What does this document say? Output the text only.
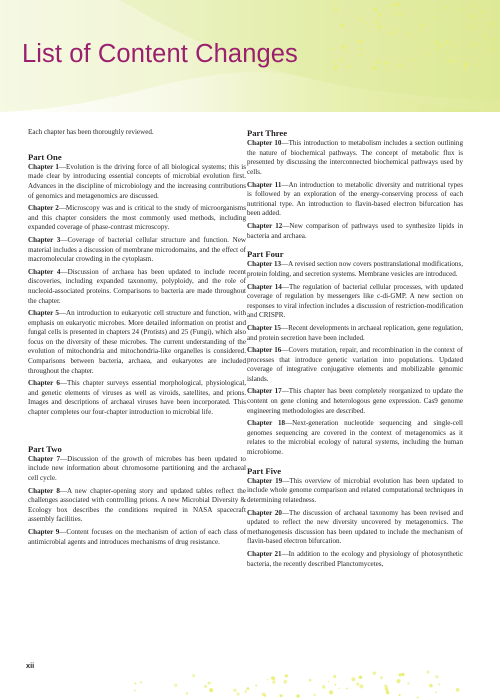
List of Content Changes

Each chapter has been thoroughly reviewed.

Part One

Chapter 1—Evolution is the driving force of all biological systems; this is made clear by introducing essential concepts of microbial evolution first. Advances in the discipline of microbiology and the increasing contributions of genomics and metagenomics are discussed.

Chapter 2—Microscopy was and is critical to the study of microorganisms and this chapter considers the most commonly used methods, including expanded coverage of phase-contrast microscopy.

Chapter 3—Coverage of bacterial cellular structure and function. New material includes a discussion of membrane microdomains, and the effect of macromolecular crowding in the cytoplasm.

Chapter 4—Discussion of archaea has been updated to include recent discoveries, including expanded taxonomy, polyploidy, and the role of nucleoid-associated proteins. Comparisons to bacteria are made throughout the chapter.

Chapter 5—An introduction to eukaryotic cell structure and function, with emphasis on eukaryotic microbes. More detailed information on protist and fungal cells is presented in chapters 24 (Protists) and 25 (Fungi), which also focus on the diversity of these microbes. The current understanding of the evolution of mitochondria and mitochondria-like organelles is considered. Comparisons between bacteria, archaea, and eukaryotes are included throughout the chapter.

Chapter 6—This chapter surveys essential morphological, physiological, and genetic elements of viruses as well as viroids, satellites, and prions. Images and descriptions of archaeal viruses have been incorporated. This chapter completes our four-chapter introduction to microbial life.

Part Two

Chapter 7—Discussion of the growth of microbes has been updated to include new information about chromosome partitioning and the archaeal cell cycle.

Chapter 8—A new chapter-opening story and updated tables reflect the challenges associated with controlling prions. A new Microbial Diversity & Ecology box describes the conditions required in NASA spacecraft assembly facilities.

Chapter 9—Content focuses on the mechanism of action of each class of antimicrobial agents and introduces mechanisms of drug resistance.

Part Three

Chapter 10—This introduction to metabolism includes a section outlining the nature of biochemical pathways. The concept of metabolic flux is presented by discussing the interconnected biochemical pathways used by cells.

Chapter 11—An introduction to metabolic diversity and nutritional types is followed by an exploration of the energy-conserving process of each nutritional type. An introduction to flavin-based electron bifurcation has been added.

Chapter 12—New comparison of pathways used to synthesize lipids in bacteria and archaea.

Part Four

Chapter 13—A revised section now covers posttranslational modifications, protein folding, and secretion systems. Membrane vesicles are introduced.

Chapter 14—The regulation of bacterial cellular processes, with updated coverage of regulation by messengers like c-di-GMP. A new section on responses to viral infection includes a discussion of restriction-modification and CRISPR.

Chapter 15—Recent developments in archaeal replication, gene regulation, and protein secretion have been included.

Chapter 16—Covers mutation, repair, and recombination in the context of processes that introduce genetic variation into populations. Updated coverage of integrative conjugative elements and mobilizable genomic islands.

Chapter 17—This chapter has been completely reorganized to update the content on gene cloning and heterologous gene expression. Cas9 genome engineering methodologies are described.

Chapter 18—Next-generation nucleotide sequencing and single-cell genomes sequencing are covered in the context of metagenomics as it relates to the microbial ecology of natural systems, including the human microbiome.

Part Five

Chapter 19—This overview of microbial evolution has been updated to include whole genome comparison and related computational techniques in determining relatedness.

Chapter 20—The discussion of archaeal taxonomy has been revised and updated to reflect the new diversity uncovered by metagenomics. The methanogenesis discussion has been updated to include the mechanism of flavin-based electron bifurcation.

Chapter 21—In addition to the ecology and physiology of photosynthetic bacteria, the recently described Planctomycetes,

xii
